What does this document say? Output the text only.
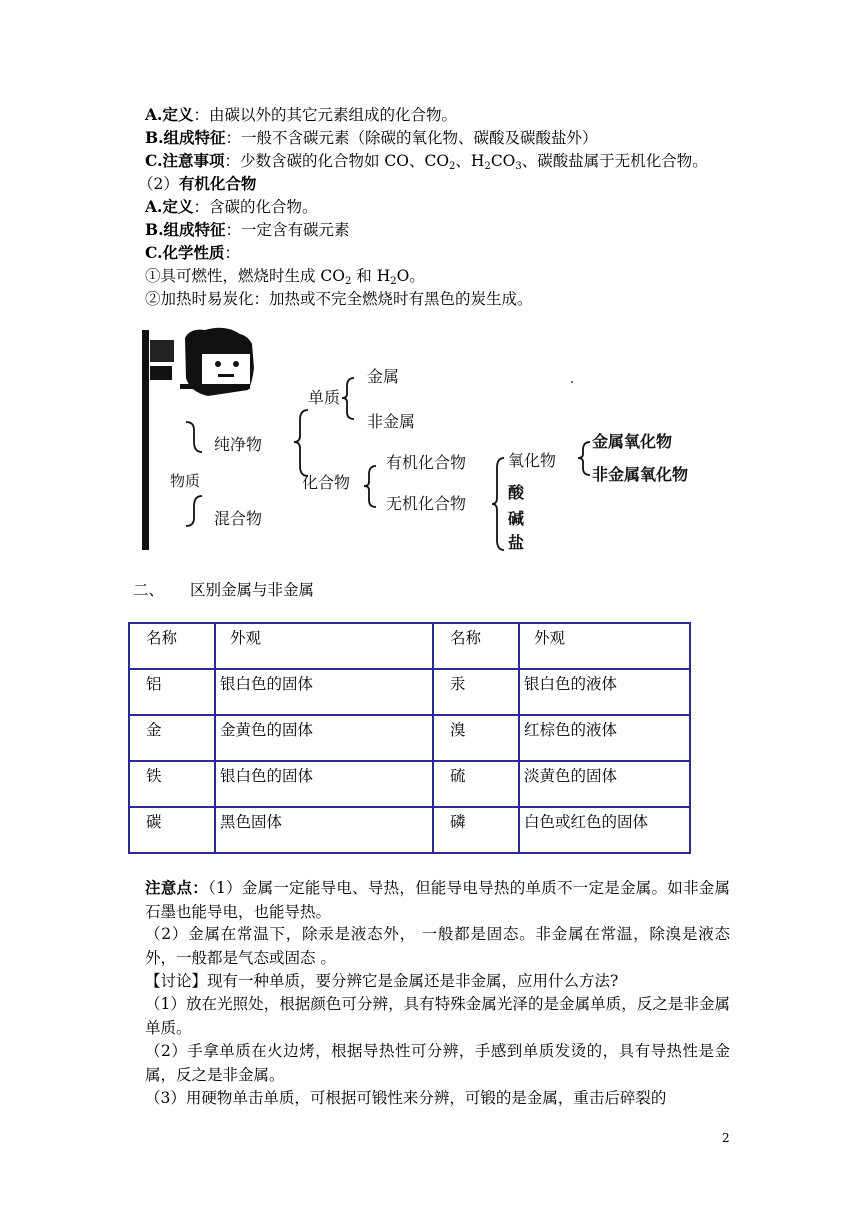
A.定义：由碳以外的其它元素组成的化合物。
B.组成特征：一般不含碳元素（除碳的氧化物、碳酸及碳酸盐外）
C.注意事项：少数含碳的化合物如 CO、$CO_2$、$H_2CO_3$、碳酸盐属于无机化合物。
（2）有机化合物
A.定义：含碳的化合物。
B.组成特征：一定含有碳元素
C.化学性质：
①具可燃性，燃烧时生成 $CO_2$ 和 $H_2O$。
②加热时易炭化：加热或不完全燃烧时有黑色的炭生成。
物质
纯净物
混合物
单质
化合物
金属
非金属
有机化合物
无机化合物
氧化物
酸
碱
盐
金属氧化物
非金属氧化物
二、 区别金属与非金属
名称	外观	名称	外观
铝	银白色的固体	汞	银白色的液体
金	金黄色的固体	溴	红棕色的液体
铁	银白色的固体	硫	淡黄色的固体
碳	黑色固体	磷	白色或红色的固体
注意点：（1）金属一定能导电、导热，但能导电导热的单质不一定是金属。如非金属石墨也能导电，也能导热。
（2）金属在常温下，除汞是液态外， 一般都是固态。非金属在常温，除溴是液态外，一般都是气态或固态 。
【讨论】现有一种单质，要分辨它是金属还是非金属，应用什么方法?
（1）放在光照处，根据颜色可分辨，具有特殊金属光泽的是金属单质，反之是非金属单质。
（2）手拿单质在火边烤，根据导热性可分辨，手感到单质发烫的，具有导热性是金属，反之是非金属。
（3）用硬物单击单质，可根据可锻性来分辨，可锻的是金属，重击后碎裂的
2
